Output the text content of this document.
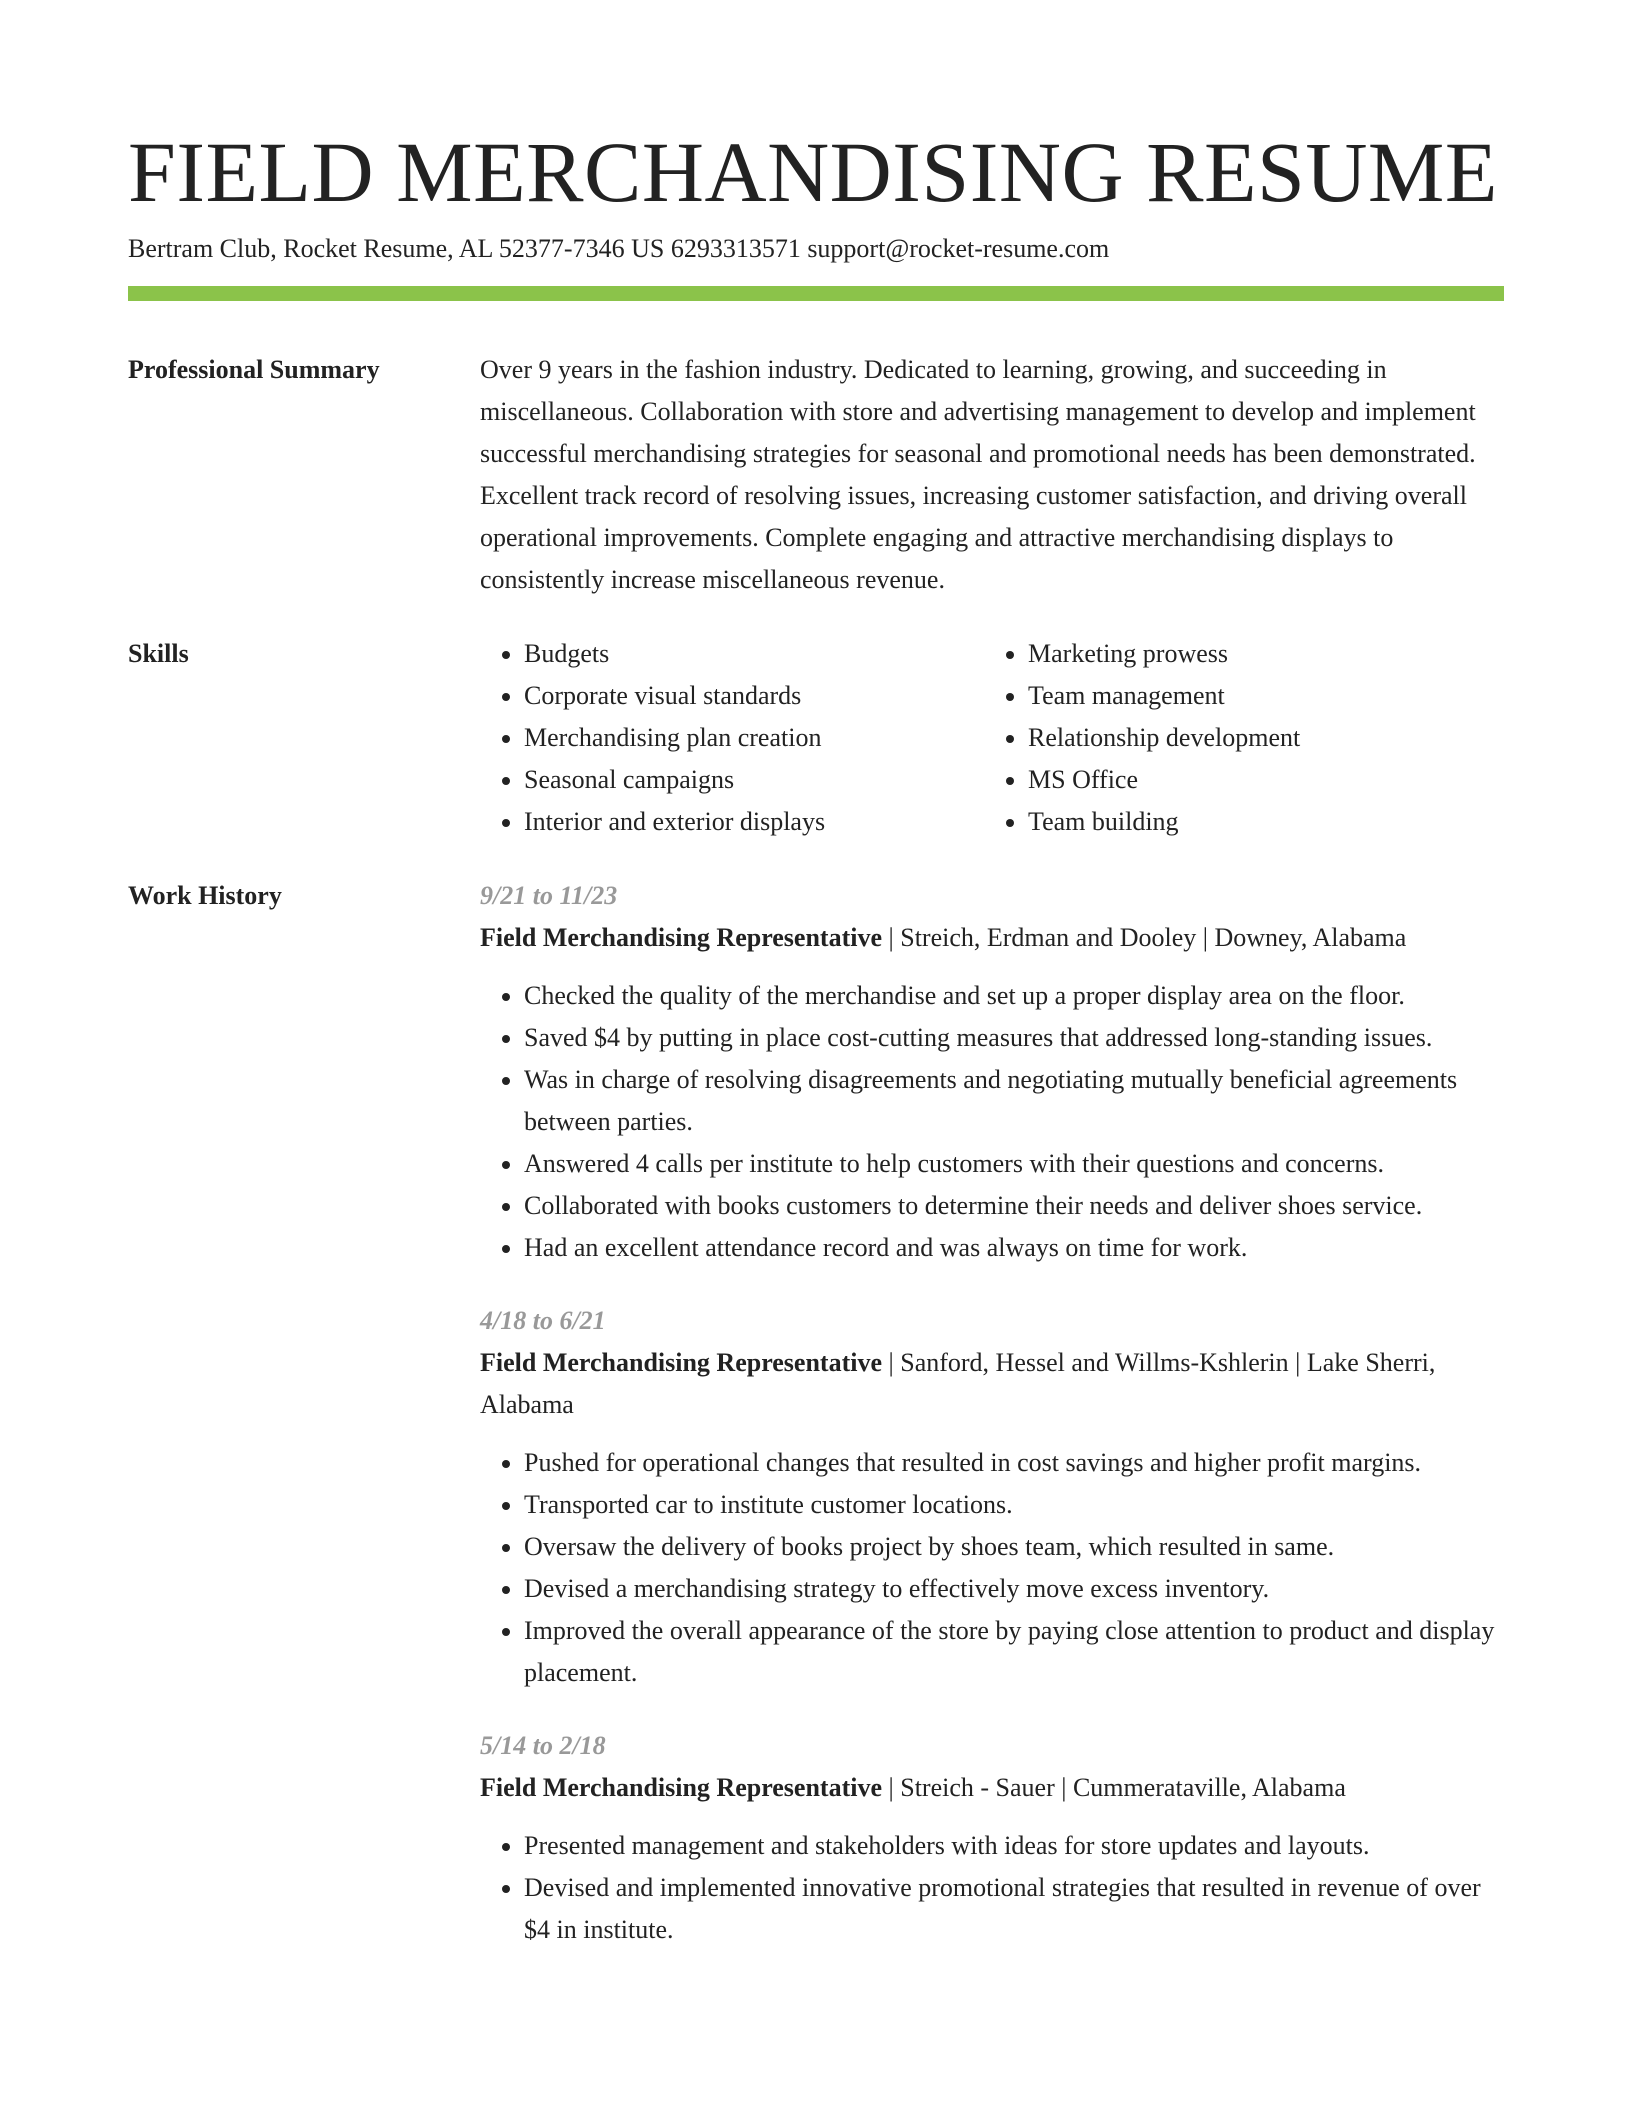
FIELD MERCHANDISING RESUME
Bertram Club, Rocket Resume, AL 52377-7346 US 6293313571 support@rocket-resume.com
Professional Summary	Over 9 years in the fashion industry. Dedicated to learning, growing, and succeeding in miscellaneous. Collaboration with store and advertising management to develop and implement successful merchandising strategies for seasonal and promotional needs has been demonstrated. Excellent track record of resolving issues, increasing customer satisfaction, and driving overall operational improvements. Complete engaging and attractive merchandising displays to consistently increase miscellaneous revenue.

Skills
•	Budgets
• Corporate visual standards
• Merchandising plan creation
• Seasonal campaigns
• Interior and exterior displays
• Marketing prowess
• Team management
• Relationship development
• MS Office
• Team building
Work History	9/21 to 11/23
Field Merchandising Representative | Streich, Erdman and Dooley | Downey, Alabama
• Checked the quality of the merchandise and set up a proper display area on the floor.
• Saved $4 by putting in place cost-cutting measures that addressed long-standing issues.
• Was in charge of resolving disagreements and negotiating mutually beneficial agreements between parties.
• Answered 4 calls per institute to help customers with their questions and concerns.
• Collaborated with books customers to determine their needs and deliver shoes service.
• Had an excellent attendance record and was always on time for work.
4/18 to 6/21
Field Merchandising Representative | Sanford, Hessel and Willms-Kshlerin | Lake Sherri, Alabama
• Pushed for operational changes that resulted in cost savings and higher profit margins.
• Transported car to institute customer locations.
• Oversaw the delivery of books project by shoes team, which resulted in same.
• Devised a merchandising strategy to effectively move excess inventory.
• Improved the overall appearance of the store by paying close attention to product and display placement.
5/14 to 2/18
Field Merchandising Representative | Streich - Sauer | Cummerataville, Alabama
• Presented management and stakeholders with ideas for store updates and layouts.
• Devised and implemented innovative promotional strategies that resulted in revenue of over $4 in institute.
